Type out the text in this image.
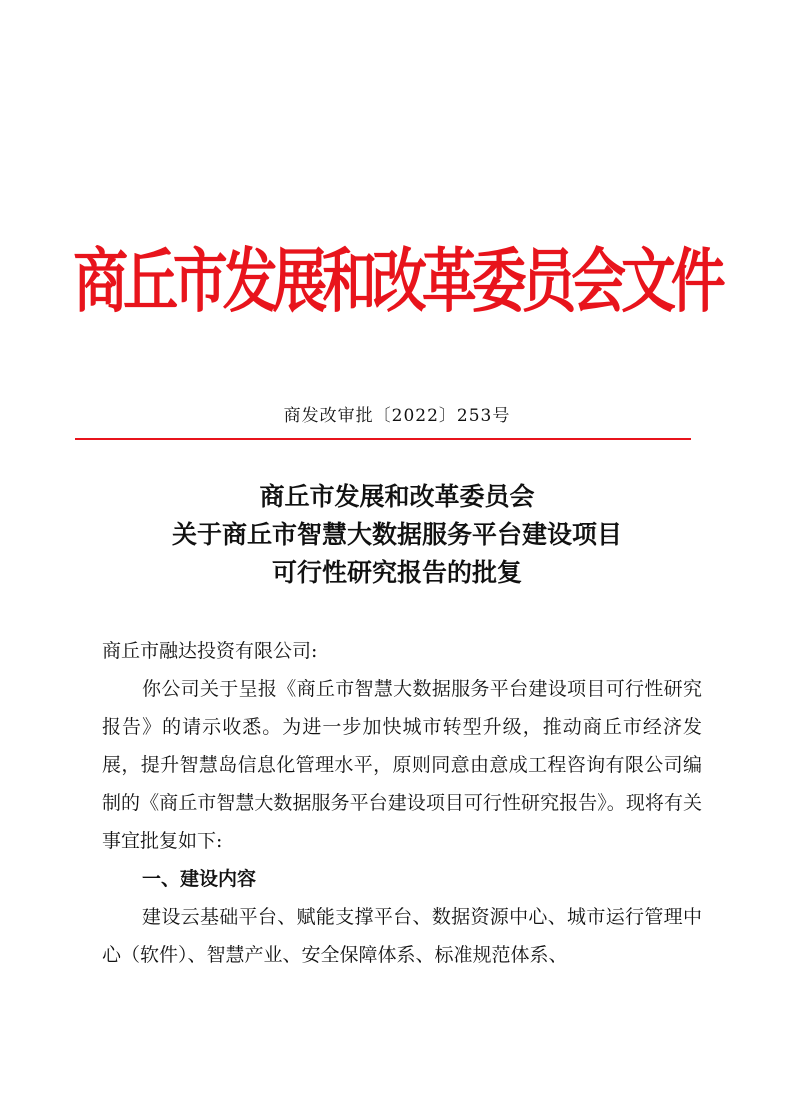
商丘市发展和改革委员会文件
商发改审批〔2022〕253号
商丘市发展和改革委员会
关于商丘市智慧大数据服务平台建设项目
可行性研究报告的批复

商丘市融达投资有限公司:

你公司关于呈报《商丘市智慧大数据服务平台建设项目可行性研究报告》的请示收悉。为进一步加快城市转型升级，推动商丘市经济发展，提升智慧岛信息化管理水平，原则同意由意成工程咨询有限公司编制的《商丘市智慧大数据服务平台建设项目可行性研究报告》。现将有关事宜批复如下:

一、建设内容

建设云基础平台、赋能支撑平台、数据资源中心、城市运行管理中心（软件）、智慧产业、安全保障体系、标准规范体系、
